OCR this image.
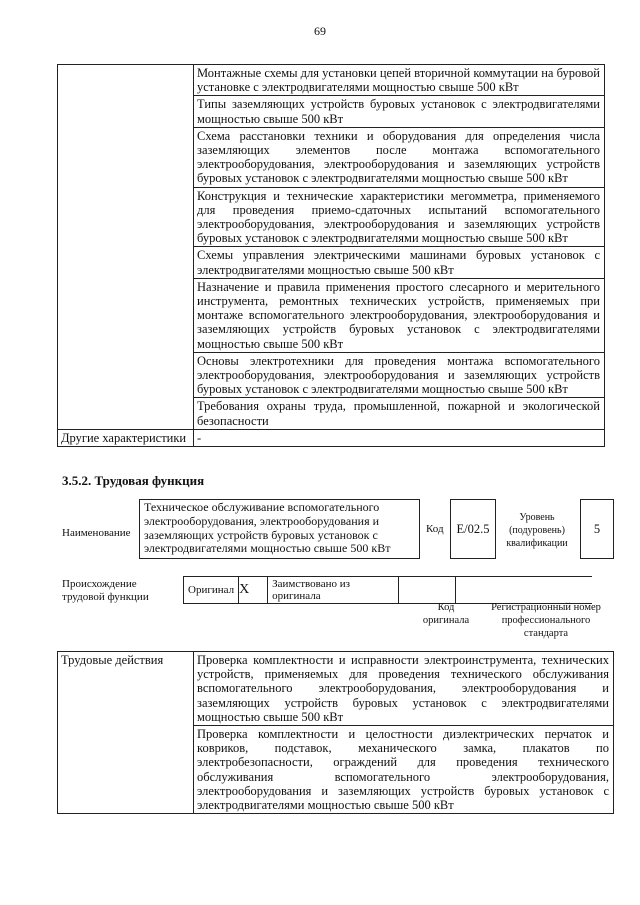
69
	Монтажные схемы для установки цепей вторичной коммутации на буровой установке с электродвигателями мощностью свыше 500 кВт
	Типы заземляющих устройств буровых установок с электродвигателями мощностью свыше 500 кВт
	Схема расстановки техники и оборудования для определения числа заземляющих элементов после монтажа вспомогательного электрооборудования, электрооборудования и заземляющих устройств буровых установок с электродвигателями мощностью свыше 500 кВт
	Конструкция и технические характеристики мегомметра, применяемого для проведения приемо-сдаточных испытаний вспомогательного электрооборудования, электрооборудования и заземляющих устройств буровых установок с электродвигателями мощностью свыше 500 кВт
	Схемы управления электрическими машинами буровых установок с электродвигателями мощностью свыше 500 кВт
	Назначение и правила применения простого слесарного и мерительного инструмента, ремонтных технических устройств, применяемых при монтаже вспомогательного электрооборудования, электрооборудования и заземляющих устройств буровых установок с электродвигателями мощностью свыше 500 кВт
	Основы электротехники для проведения монтажа вспомогательного электрооборудования, электрооборудования и заземляющих устройств буровых установок с электродвигателями мощностью свыше 500 кВт
	Требования охраны труда, промышленной, пожарной и экологической безопасности
Другие характеристики	-
3.5.2. Трудовая функция
Наименование
Техническое обслуживание вспомогательного электрооборудования, электрооборудования и заземляющих устройств буровых установок с электродвигателями мощностью свыше 500 кВт
Код	E/02.5
Уровень (подуровень) квалификации
5
Происхождение трудовой функции
Оригинал	X	Заимствовано из оригинала		
Код оригинала
Регистрационный номер профессионального стандарта
Трудовые действия	Проверка комплектности и исправности электроинструмента, технических устройств, применяемых для проведения технического обслуживания вспомогательного электрооборудования, электрооборудования и заземляющих устройств буровых установок с электродвигателями мощностью свыше 500 кВт
Проверка комплектности и целостности диэлектрических перчаток и ковриков, подставок, механического замка, плакатов по электробезопасности, ограждений для проведения технического обслуживания вспомогательного электрооборудования, электрооборудования и заземляющих устройств буровых установок с электродвигателями мощностью свыше 500 кВт
